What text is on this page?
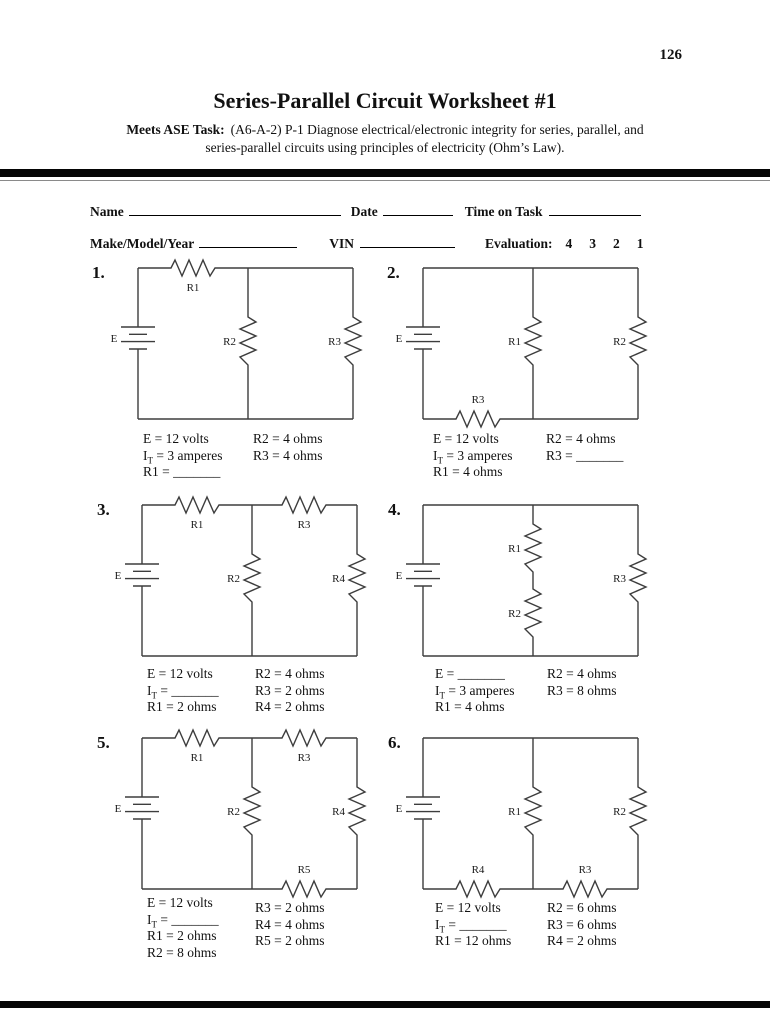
126
Series-Parallel Circuit Worksheet #1
Meets ASE Task: (A6-A-2) P-1 Diagnose electrical/electronic integrity for series, parallel, and
series-parallel circuits using principles of electricity (Ohm’s Law).
Name	Date	Time on Task
Make/Model/Year	VIN	Evaluation: 4 3 2 1
1.
E
R1
R2	R3
E = 12 volts
$I_T = 3$ amperes
R1 = _______
R2 = 4 ohms
R3 = 4 ohms
2.
E	R1	R2
R3
E = 12 volts
$I_T = 3$ amperes
R1 = 4 ohms
R2 = 4 ohms
R3 = _______
3.
E
R1	R3
R2	R4
E = 12 volts
$I_T$ = _______
R1 = 2 ohms
R2 = 4 ohms
R3 = 2 ohms
R4 = 2 ohms
4.
E
R1
R2
R3
E = _______
$I_T = 3$ amperes
R1 = 4 ohms
R2 = 4 ohms
R3 = 8 ohms
5.
E
R1	R3
R2	R4
R5
E = 12 volts
$I_T$ = _______
R1 = 2 ohms
R2 = 8 ohms
R3 = 2 ohms
R4 = 4 ohms
R5 = 2 ohms
6.
E	R1	R2
R4	R3
E = 12 volts
$I_T$ = _______
R1 = 12 ohms
R2 = 6 ohms
R3 = 6 ohms
R4 = 2 ohms
